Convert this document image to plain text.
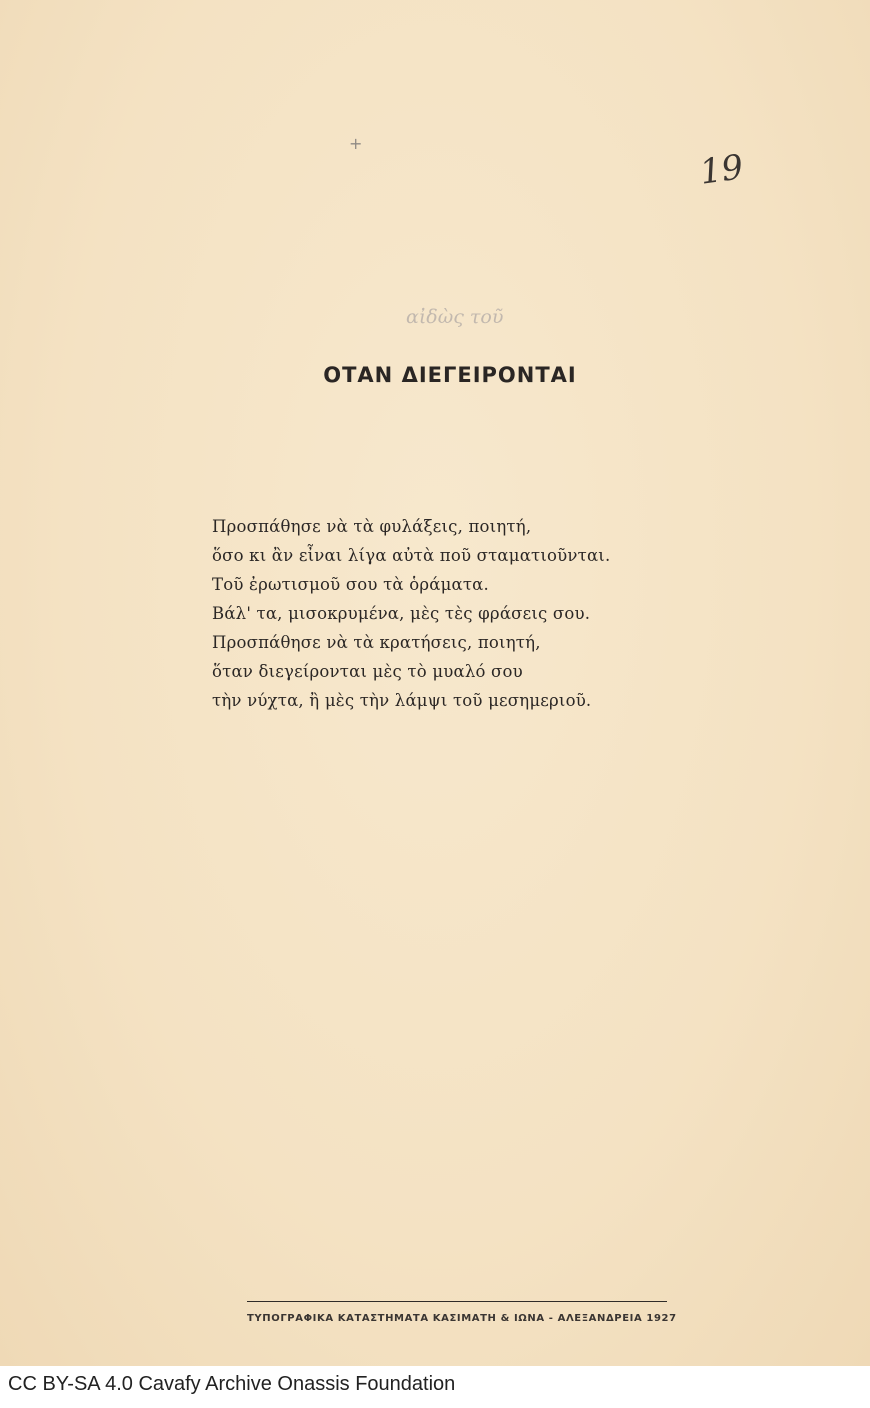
+
19
αἰδὼς τοῦ
ΟΤΑΝ ΔΙΕΓΕΙΡΟΝΤΑΙ
Προσπάθησε νὰ τὰ φυλάξεις, ποιητή,
ὅσο κι ἂν εἶναι λίγα αὐτὰ ποῦ σταματιοῦνται.
Τοῦ ἐρωτισμοῦ σου τὰ ὁράματα.
Βάλ' τα, μισοκρυμένα, μὲς τὲς φράσεις σου.
Προσπάθησε νὰ τὰ κρατήσεις, ποιητή,
ὅταν διεγείρονται μὲς τὸ μυαλό σου
τὴν νύχτα, ἢ μὲς τὴν λάμψι τοῦ μεσημεριοῦ.
ΤΥΠΟΓΡΑΦΙΚΑ ΚΑΤΑΣΤΗΜΑΤΑ ΚΑΣΙΜΑΤΗ & ΙΩΝΑ - ΑΛΕΞΑΝΔΡΕΙΑ 1927
CC BY-SA 4.0 Cavafy Archive Onassis Foundation
